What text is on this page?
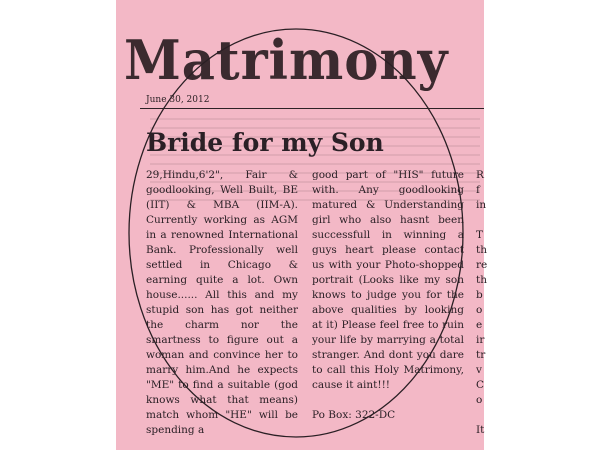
Matrimony
June 30, 2012
Bride for my Son

29,Hindu,6'2", Fair & goodlooking, Well Built, BE (IIT) & MBA (IIM-A). Currently working as AGM in a renowned International Bank. Professionally well settled in Chicago & earning quite a lot. Own house...... All this and my stupid son has got neither the charm nor the smartness to figure out a woman and convince her to marry him.And he expects "ME" to find a suitable (god knows what that means) match whom "HE" will be spending a

good part of "HIS" future with. Any goodlooking matured & Understanding girl who also hasnt been successfull in winning a guys heart please contact us with your Photo-shopped portrait (Looks like my son knows to judge you for the above qualities by looking at it) Please feel free to ruin your life by marrying a total stranger. And dont you dare to call this Holy Matrimony, cause it aint!!!

Po Box: 322-DC

R
f
in
T
th
re
th
b
o
e
ir
tr
v
C
o
It
